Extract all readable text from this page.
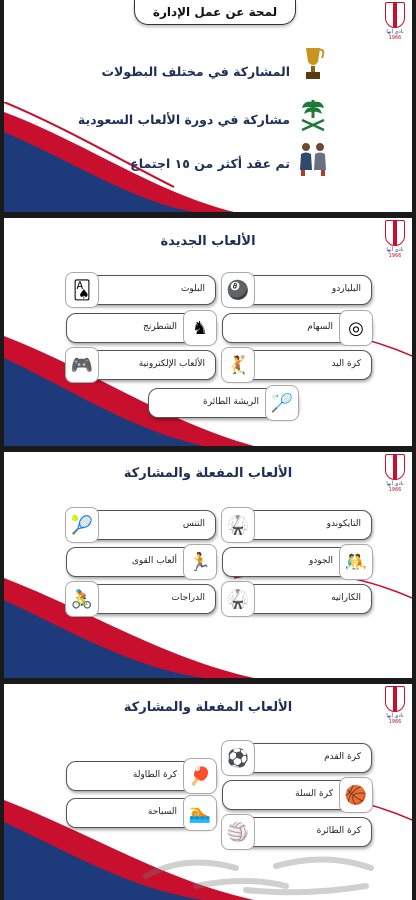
نادي أبها
1966
لمحة عن عمل الإدارة
المشاركة في مختلف البطولات
مشاركة في دورة الألعاب السعودية
تم عقد أكثر من ١٥ اجتماع
نادي أبها
1966
الألعاب الجديدة
🂡	البلوت	🎱	البلياردو
الشطرنج ♞	السهام ◎
🎮	الألعاب الإلكترونية	🤾	كرة اليد
الريشة الطائرة 🏸
نادي أبها
1966
الألعاب المفعلة والمشاركة
🎾	التنس	🥋	التايكوندو
ألعاب القوى 🏃	الجودو 🤼
🚴	الدراجات	🥋	الكاراتيه
نادي أبها
1966
الألعاب المفعلة والمشاركة
⚽	كرة القدم
كرة الطاولة 🏓
كرة السلة 🏀
السباحة 🏊
🏐	كرة الطائرة
